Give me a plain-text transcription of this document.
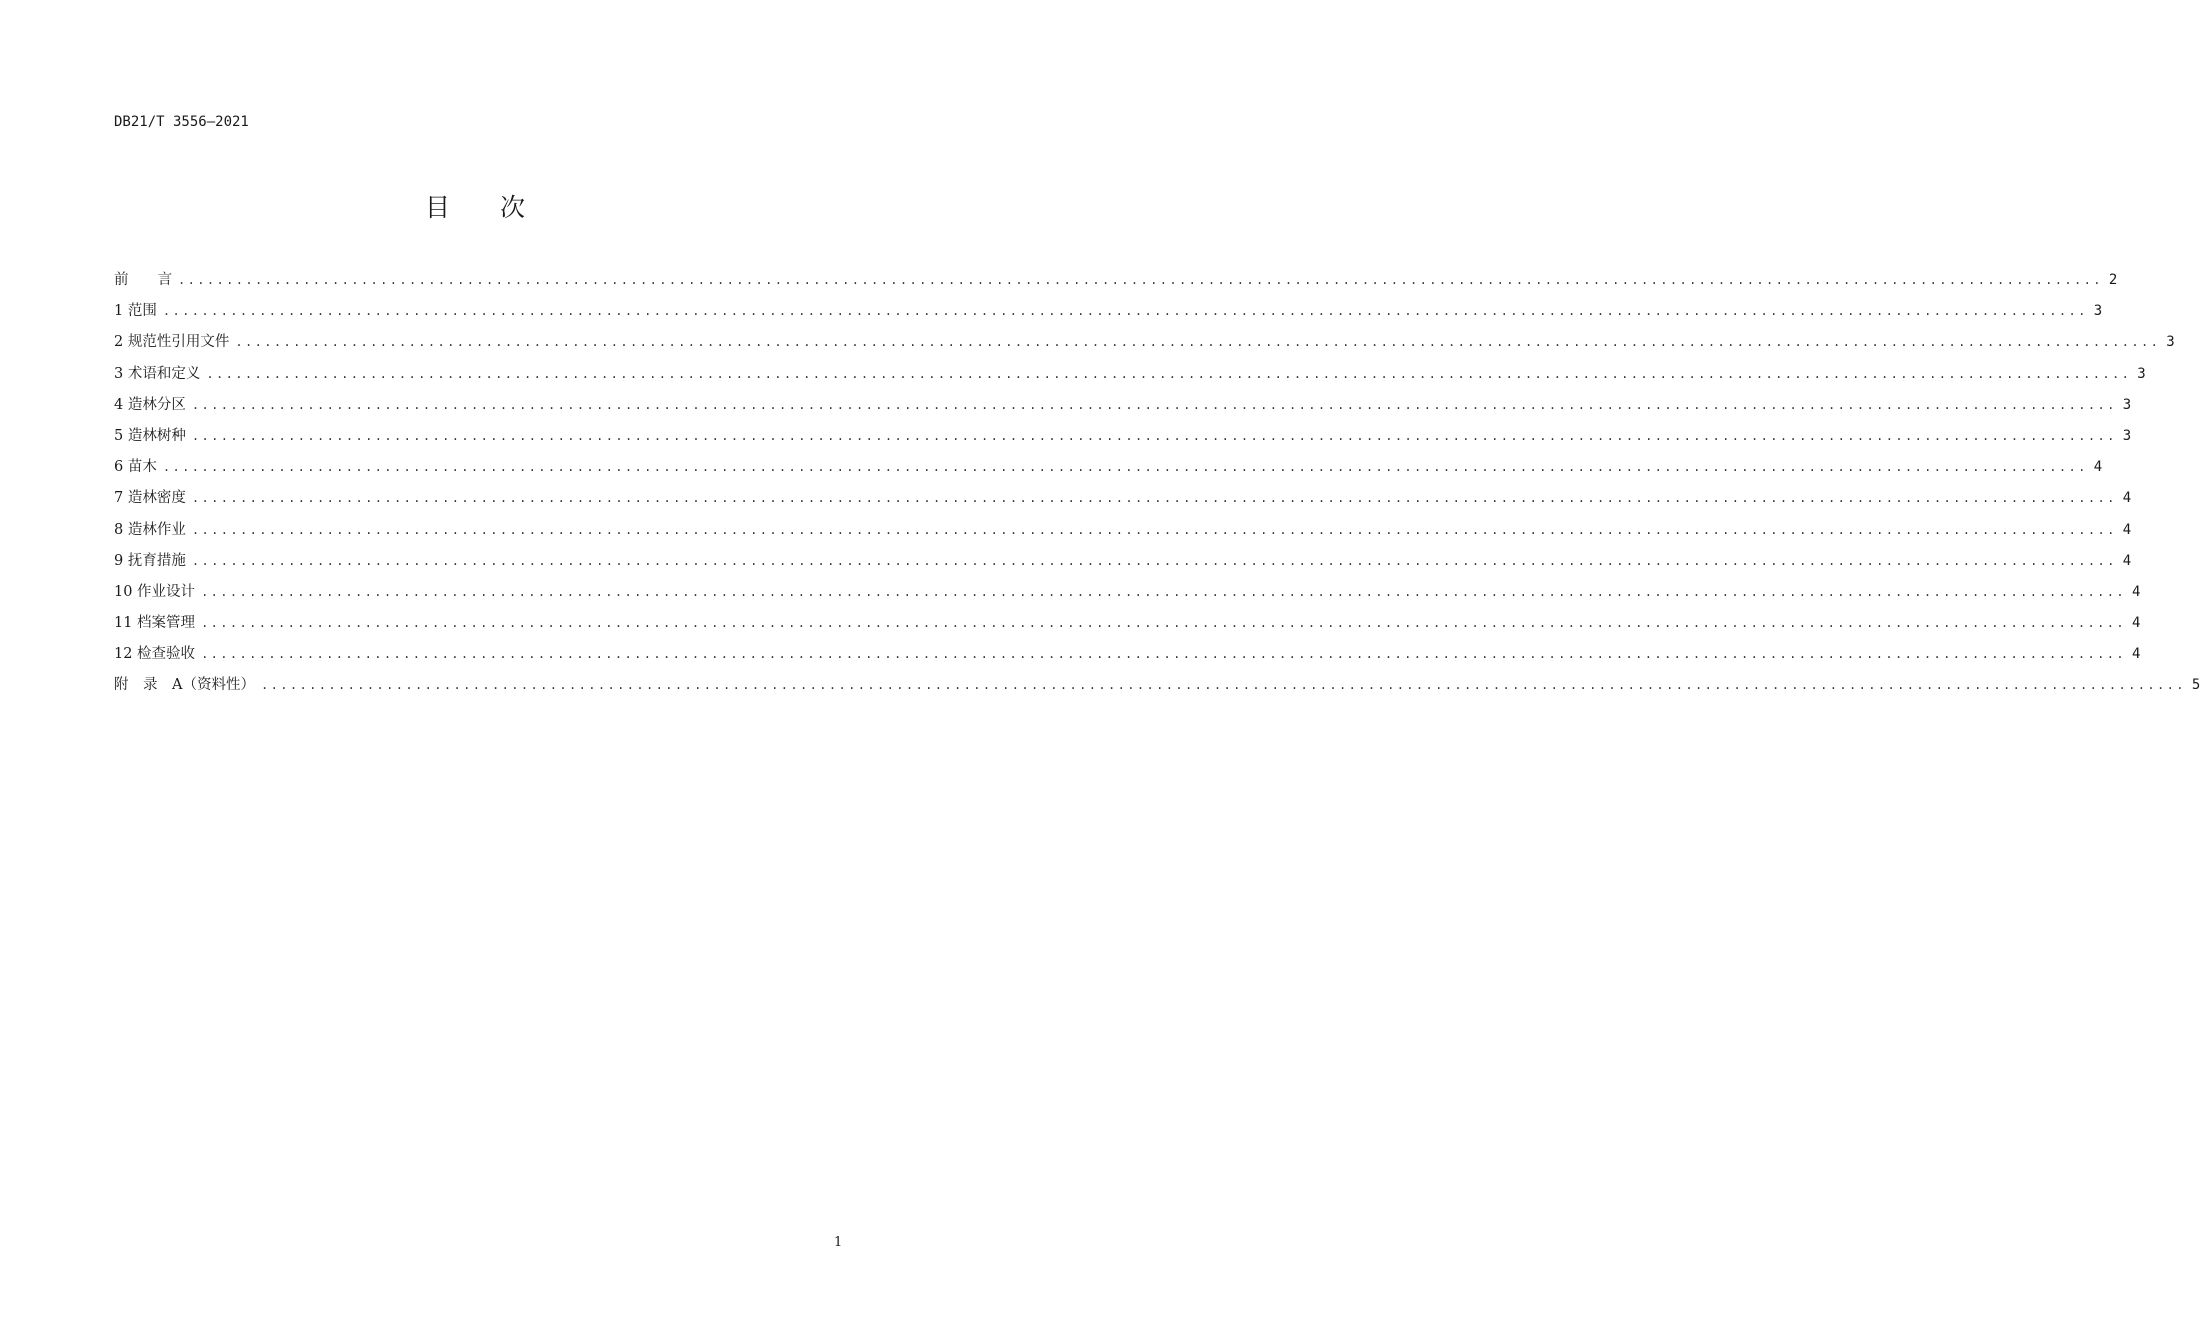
DB21/T 3556—2021
目 次
前　　言 ........................................................................................................................................................................................................ 2
1 范围 ........................................................................................................................................................................................................ 3
2 规范性引用文件 ........................................................................................................................................................................................................ 3
3 术语和定义 ........................................................................................................................................................................................................ 3
4 造林分区 ........................................................................................................................................................................................................ 3
5 造林树种 ........................................................................................................................................................................................................ 3
6 苗木 ........................................................................................................................................................................................................ 4
7 造林密度 ........................................................................................................................................................................................................ 4
8 造林作业 ........................................................................................................................................................................................................ 4
9 抚育措施 ........................................................................................................................................................................................................ 4
10 作业设计 ........................................................................................................................................................................................................ 4
11 档案管理 ........................................................................................................................................................................................................ 4
12 检查验收 ........................................................................................................................................................................................................ 4
附　录　A（资料性） ........................................................................................................................................................................................................ 5
1
